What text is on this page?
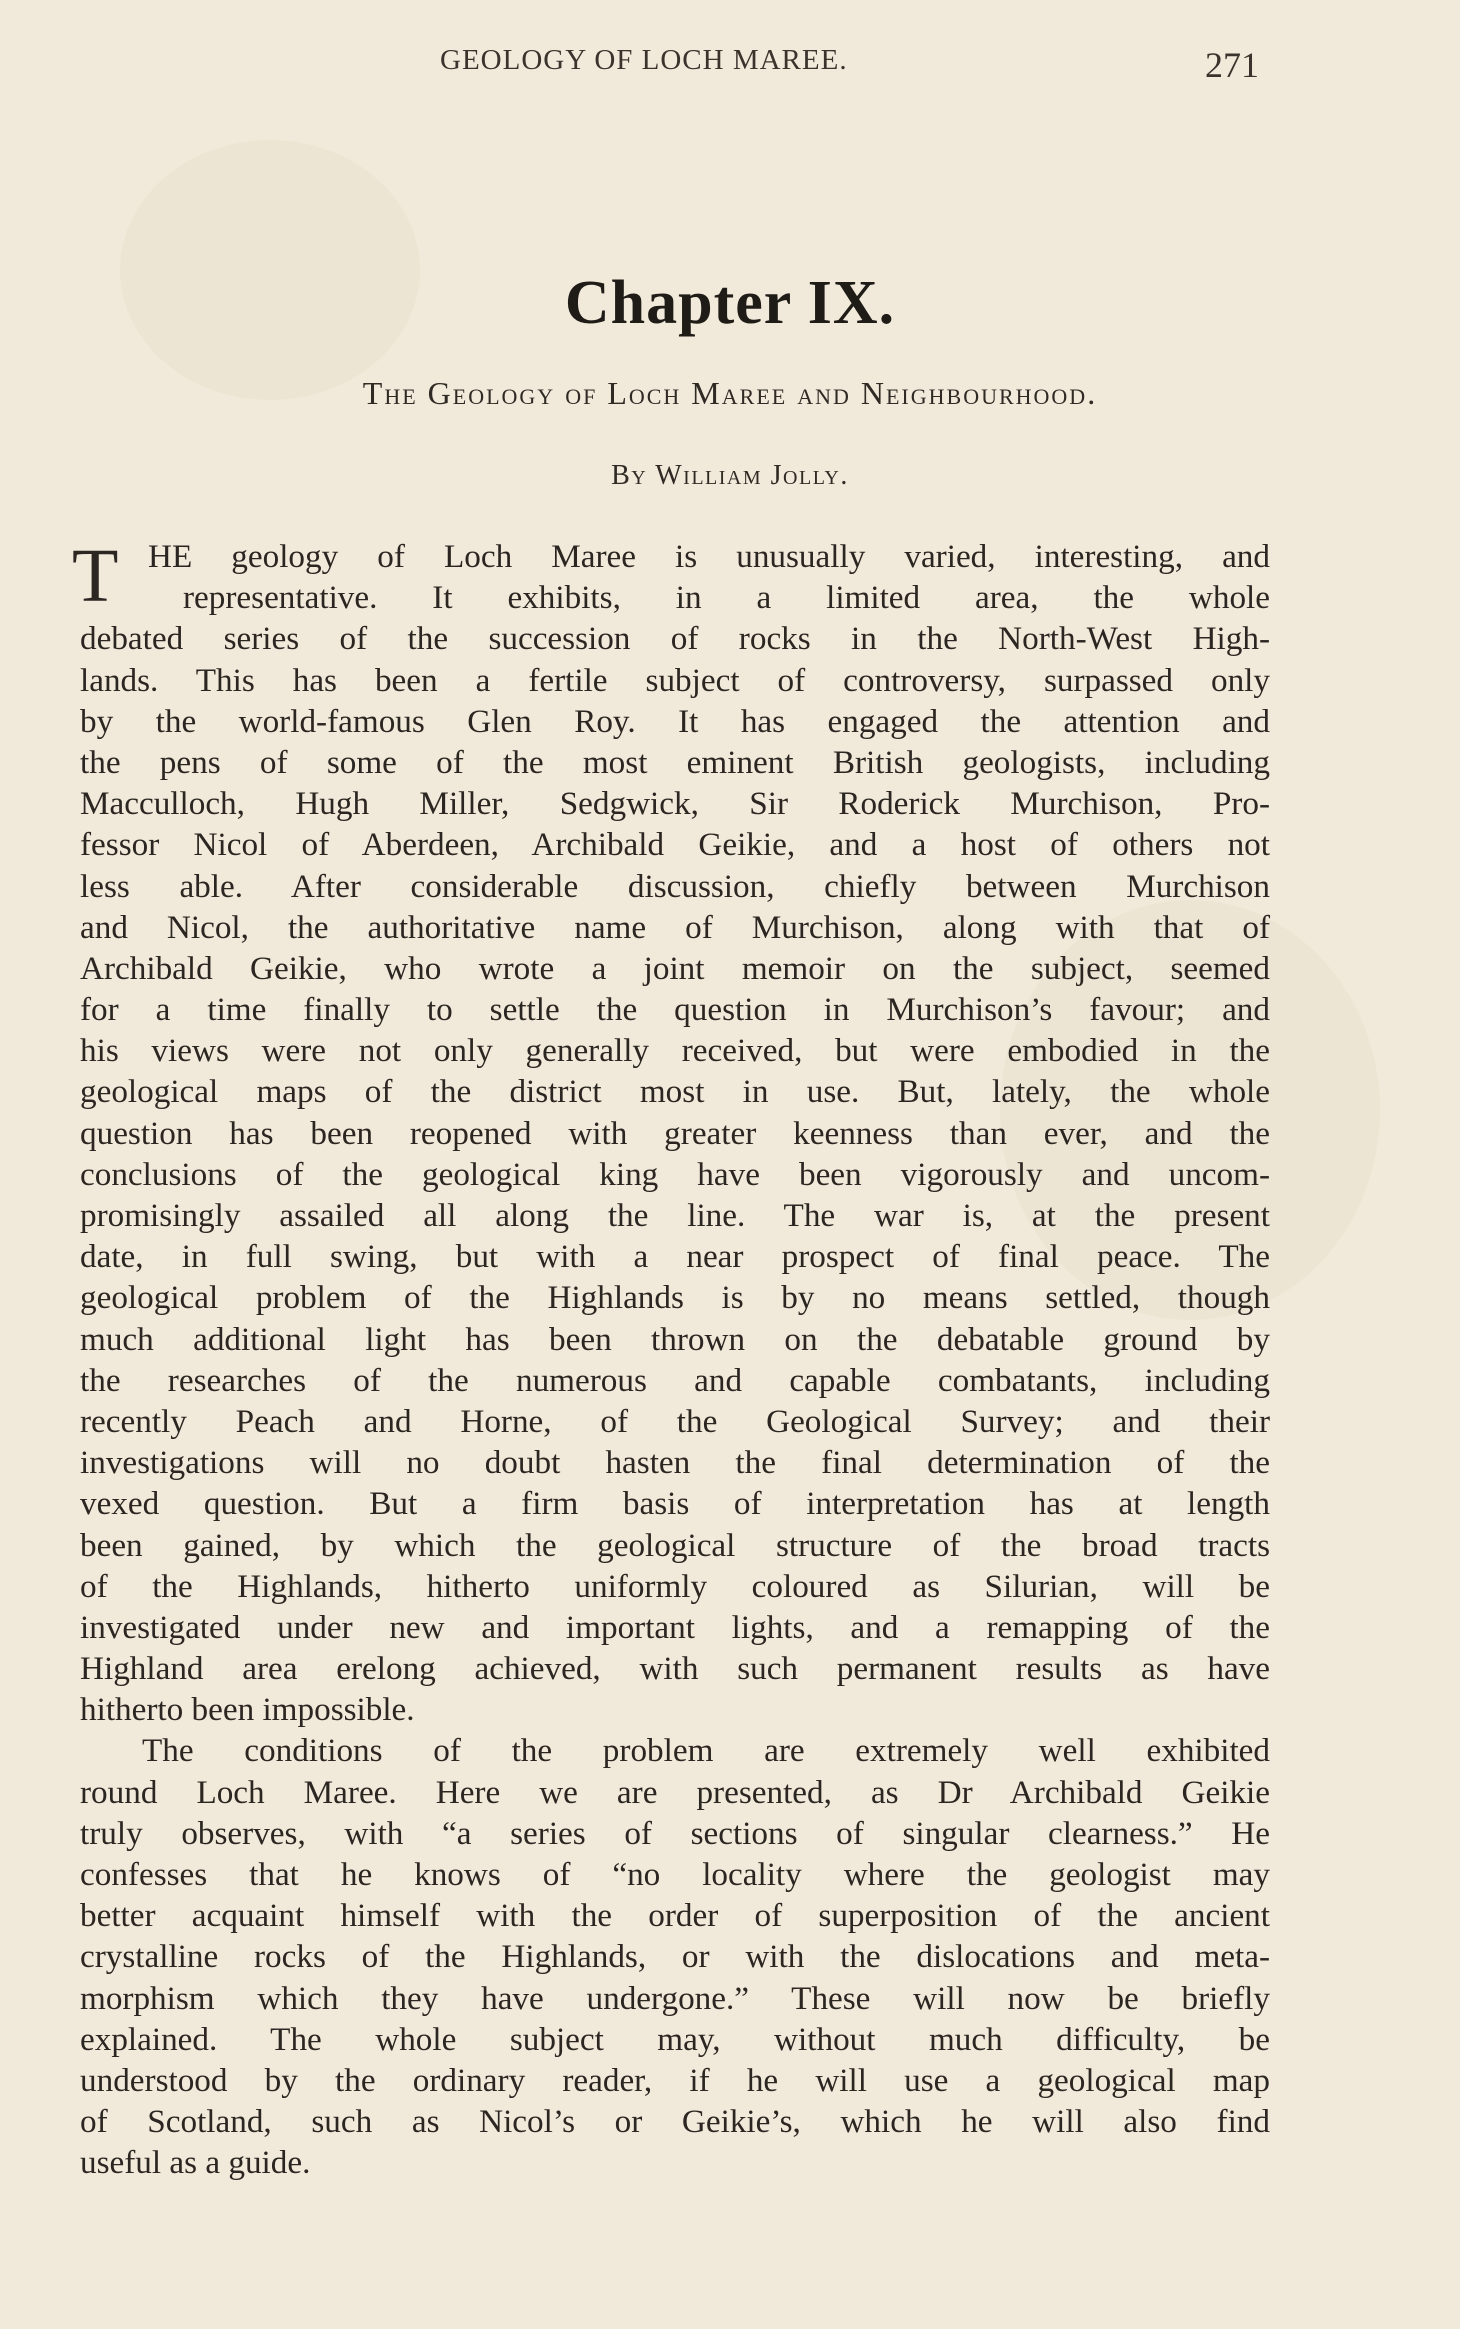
GEOLOGY OF LOCH MAREE.	271
Chapter IX.
The Geology of Loch Maree and Neighbourhood.
By William Jolly.
T HE geology of Loch Maree is unusually varied, interesting, and
representative. It exhibits, in a limited area, the whole
debated series of the succession of rocks in the North-West High-
lands. This has been a fertile subject of controversy, surpassed only
by the world-famous Glen Roy. It has engaged the attention and
the pens of some of the most eminent British geologists, including
Macculloch, Hugh Miller, Sedgwick, Sir Roderick Murchison, Pro-
fessor Nicol of Aberdeen, Archibald Geikie, and a host of others not
less able. After considerable discussion, chiefly between Murchison
and Nicol, the authoritative name of Murchison, along with that of
Archibald Geikie, who wrote a joint memoir on the subject, seemed
for a time finally to settle the question in Murchison’s favour; and
his views were not only generally received, but were embodied in the
geological maps of the district most in use. But, lately, the whole
question has been reopened with greater keenness than ever, and the
conclusions of the geological king have been vigorously and uncom-
promisingly assailed all along the line. The war is, at the present
date, in full swing, but with a near prospect of final peace. The
geological problem of the Highlands is by no means settled, though
much additional light has been thrown on the debatable ground by
the researches of the numerous and capable combatants, including
recently Peach and Horne, of the Geological Survey; and their
investigations will no doubt hasten the final determination of the
vexed question. But a firm basis of interpretation has at length
been gained, by which the geological structure of the broad tracts
of the Highlands, hitherto uniformly coloured as Silurian, will be
investigated under new and important lights, and a remapping of the
Highland area erelong achieved, with such permanent results as have
hitherto been impossible.
The conditions of the problem are extremely well exhibited
round Loch Maree. Here we are presented, as Dr Archibald Geikie
truly observes, with “a series of sections of singular clearness.” He
confesses that he knows of “no locality where the geologist may
better acquaint himself with the order of superposition of the ancient
crystalline rocks of the Highlands, or with the dislocations and meta-
morphism which they have undergone.” These will now be briefly
explained. The whole subject may, without much difficulty, be
understood by the ordinary reader, if he will use a geological map
of Scotland, such as Nicol’s or Geikie’s, which he will also find
useful as a guide.
